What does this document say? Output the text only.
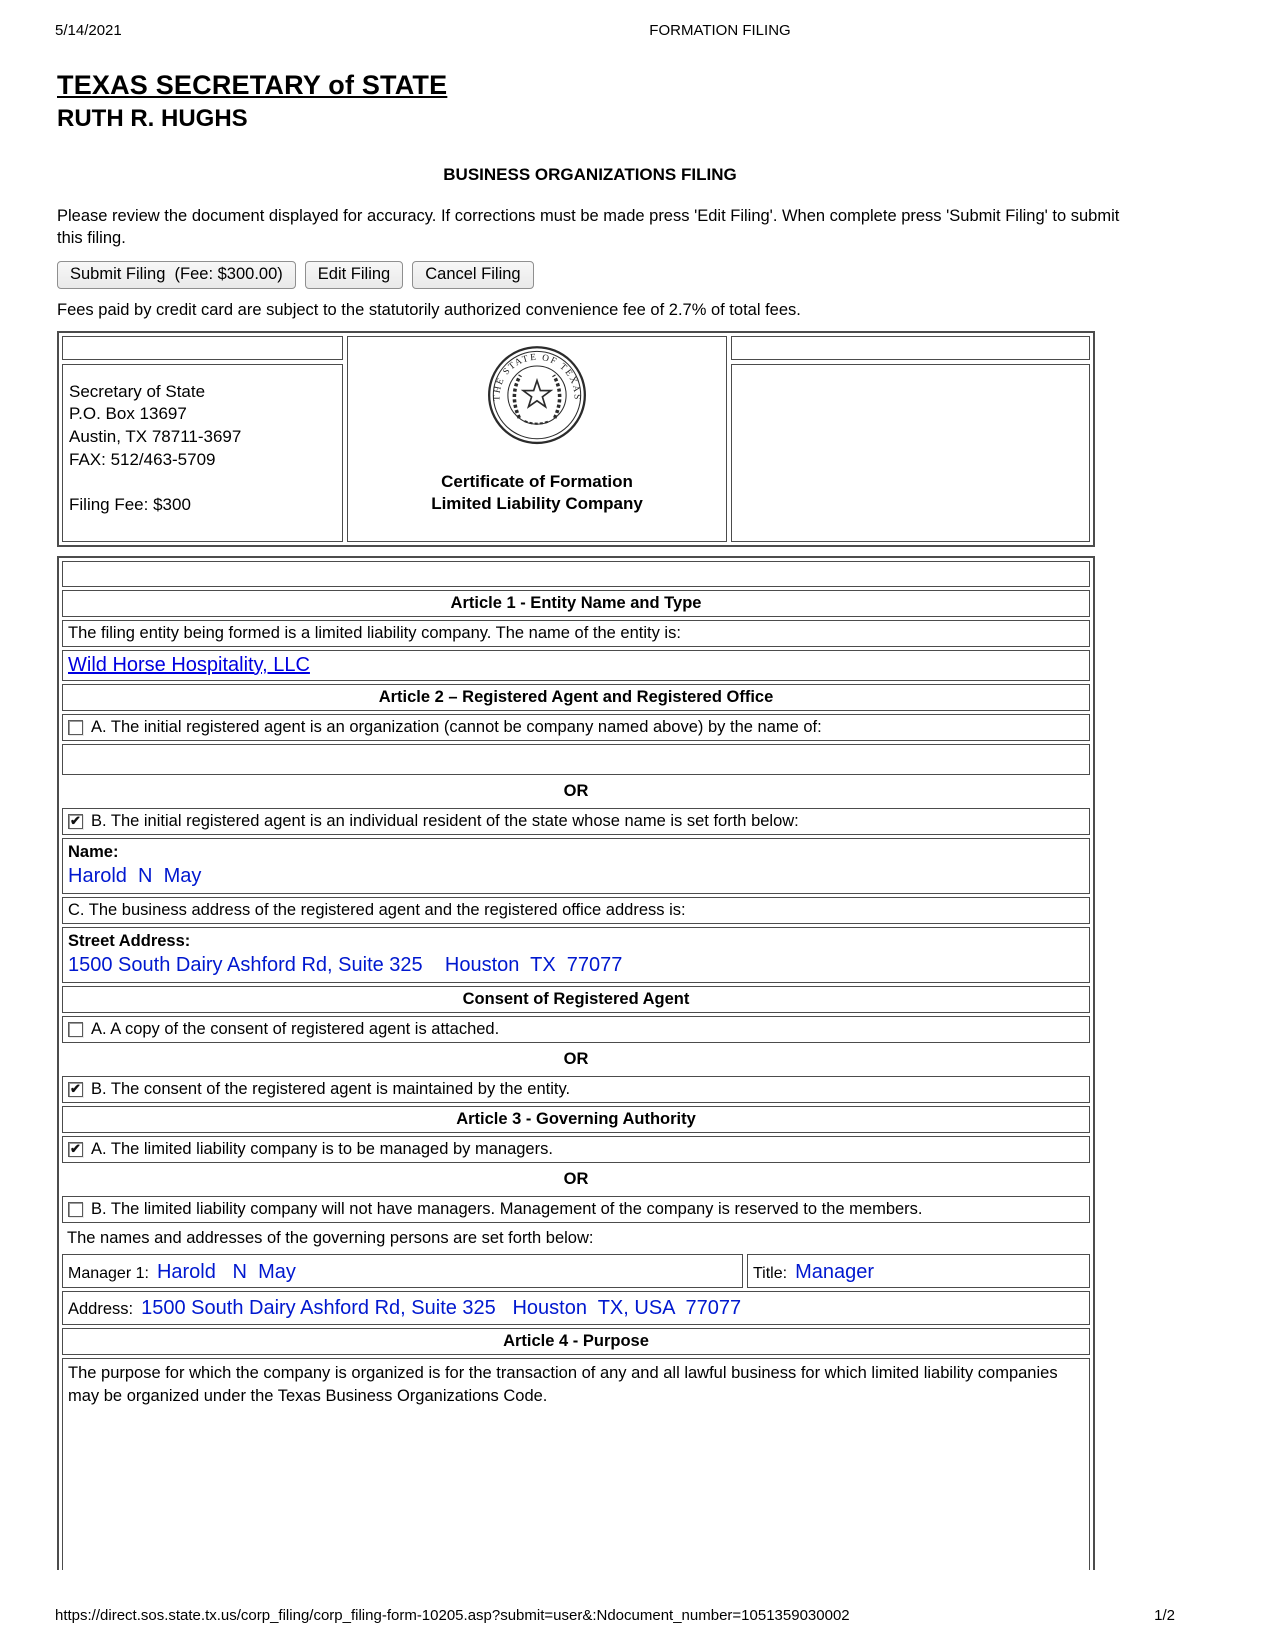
5/14/2021	FORMATION FILING
TEXAS SECRETARY of STATE
RUTH R. HUGHS
BUSINESS ORGANIZATIONS FILING
Please review the document displayed for accuracy. If corrections must be made press 'Edit Filing'. When complete press 'Submit Filing' to submit this filing.
Submit Filing  (Fee: $300.00)	Edit Filing	Cancel Filing
Fees paid by credit card are subject to the statutorily authorized convenience fee of 2.7% of total fees.
Secretary of State
P.O. Box 13697
Austin, TX 78711-3697
FAX: 512/463-5709
Filing Fee: $300
THE STATE OF TEXAS
Certificate of Formation
Limited Liability Company
Article 1 - Entity Name and Type
The filing entity being formed is a limited liability company. The name of the entity is:
Wild Horse Hospitality, LLC
Article 2 – Registered Agent and Registered Office
A. The initial registered agent is an organization (cannot be company named above) by the name of:
OR
✔
B. The initial registered agent is an individual resident of the state whose name is set forth below:
Name:
Harold  N  May
C. The business address of the registered agent and the registered office address is:
Street Address:
1500 South Dairy Ashford Rd, Suite 325    Houston  TX  77077
Consent of Registered Agent
A. A copy of the consent of registered agent is attached.
OR
✔
B. The consent of the registered agent is maintained by the entity.
Article 3 - Governing Authority
✔
A. The limited liability company is to be managed by managers.
OR
B. The limited liability company will not have managers. Management of the company is reserved to the members.
The names and addresses of the governing persons are set forth below:
Manager 1: Harold   N  May	Title: Manager
Address: 1500 South Dairy Ashford Rd, Suite 325   Houston  TX, USA  77077
Article 4 - Purpose
The purpose for which the company is organized is for the transaction of any and all lawful business for which limited liability companies may be organized under the Texas Business Organizations Code.
https://direct.sos.state.tx.us/corp_filing/corp_filing-form-10205.asp?submit=user&:Ndocument_number=1051359030002	1/2
